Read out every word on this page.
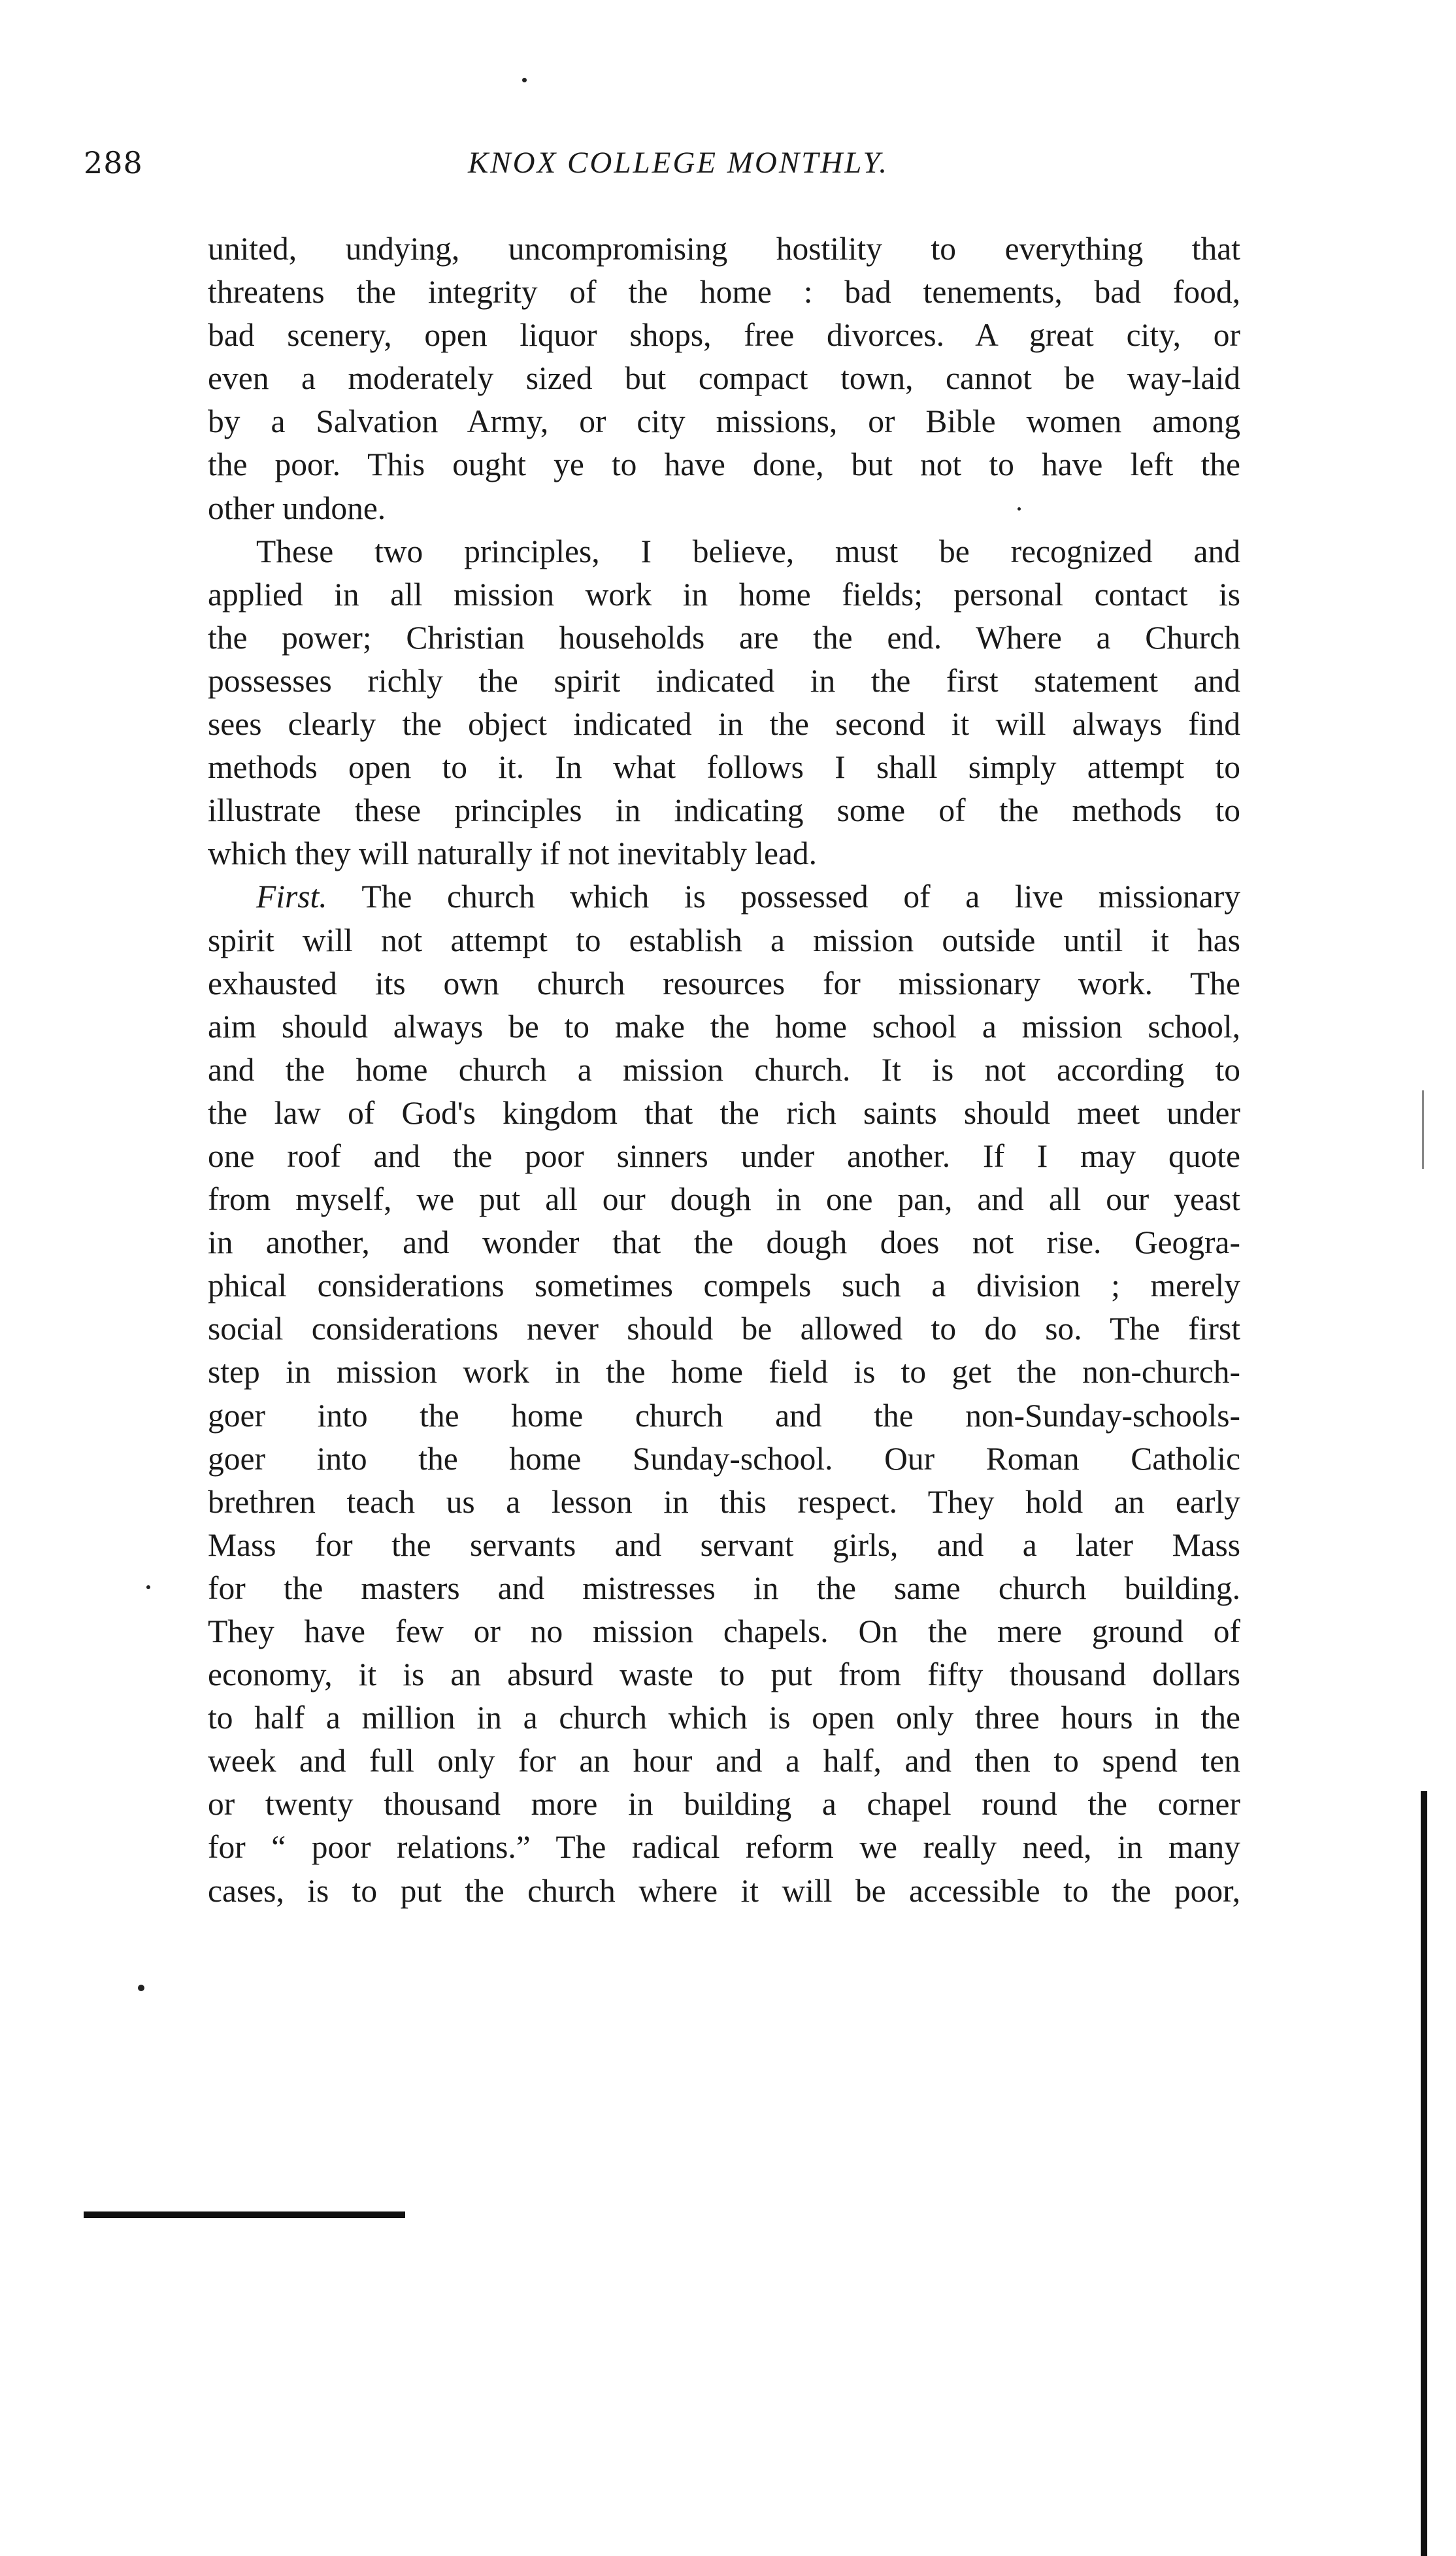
288	KNOX COLLEGE MONTHLY.
united, undying, uncompromising hostility to everything that
threatens the integrity of the home : bad tenements, bad food,
bad scenery, open liquor shops, free divorces. A great city, or
even a moderately sized but compact town, cannot be way-laid
by a Salvation Army, or city missions, or Bible women among
the poor. This ought ye to have done, but not to have left the
other undone.
These two principles, I believe, must be recognized and
applied in all mission work in home fields; personal contact is
the power; Christian households are the end. Where a Church
possesses richly the spirit indicated in the first statement and
sees clearly the object indicated in the second it will always find
methods open to it. In what follows I shall simply attempt to
illustrate these principles in indicating some of the methods to
which they will naturally if not inevitably lead.
First. The church which is possessed of a live missionary
spirit will not attempt to establish a mission outside until it has
exhausted its own church resources for missionary work. The
aim should always be to make the home school a mission school,
and the home church a mission church. It is not according to
the law of God's kingdom that the rich saints should meet under
one roof and the poor sinners under another. If I may quote
from myself, we put all our dough in one pan, and all our yeast
in another, and wonder that the dough does not rise. Geogra-
phical considerations sometimes compels such a division ; merely
social considerations never should be allowed to do so. The first
step in mission work in the home field is to get the non-church-
goer into the home church and the non-Sunday-schools-
goer into the home Sunday-school. Our Roman Catholic
brethren teach us a lesson in this respect. They hold an early
Mass for the servants and servant girls, and a later Mass
for the masters and mistresses in the same church building.
They have few or no mission chapels. On the mere ground of
economy, it is an absurd waste to put from fifty thousand dollars
to half a million in a church which is open only three hours in the
week and full only for an hour and a half, and then to spend ten
or twenty thousand more in building a chapel round the corner
for “ poor relations.” The radical reform we really need, in many
cases, is to put the church where it will be accessible to the poor,
